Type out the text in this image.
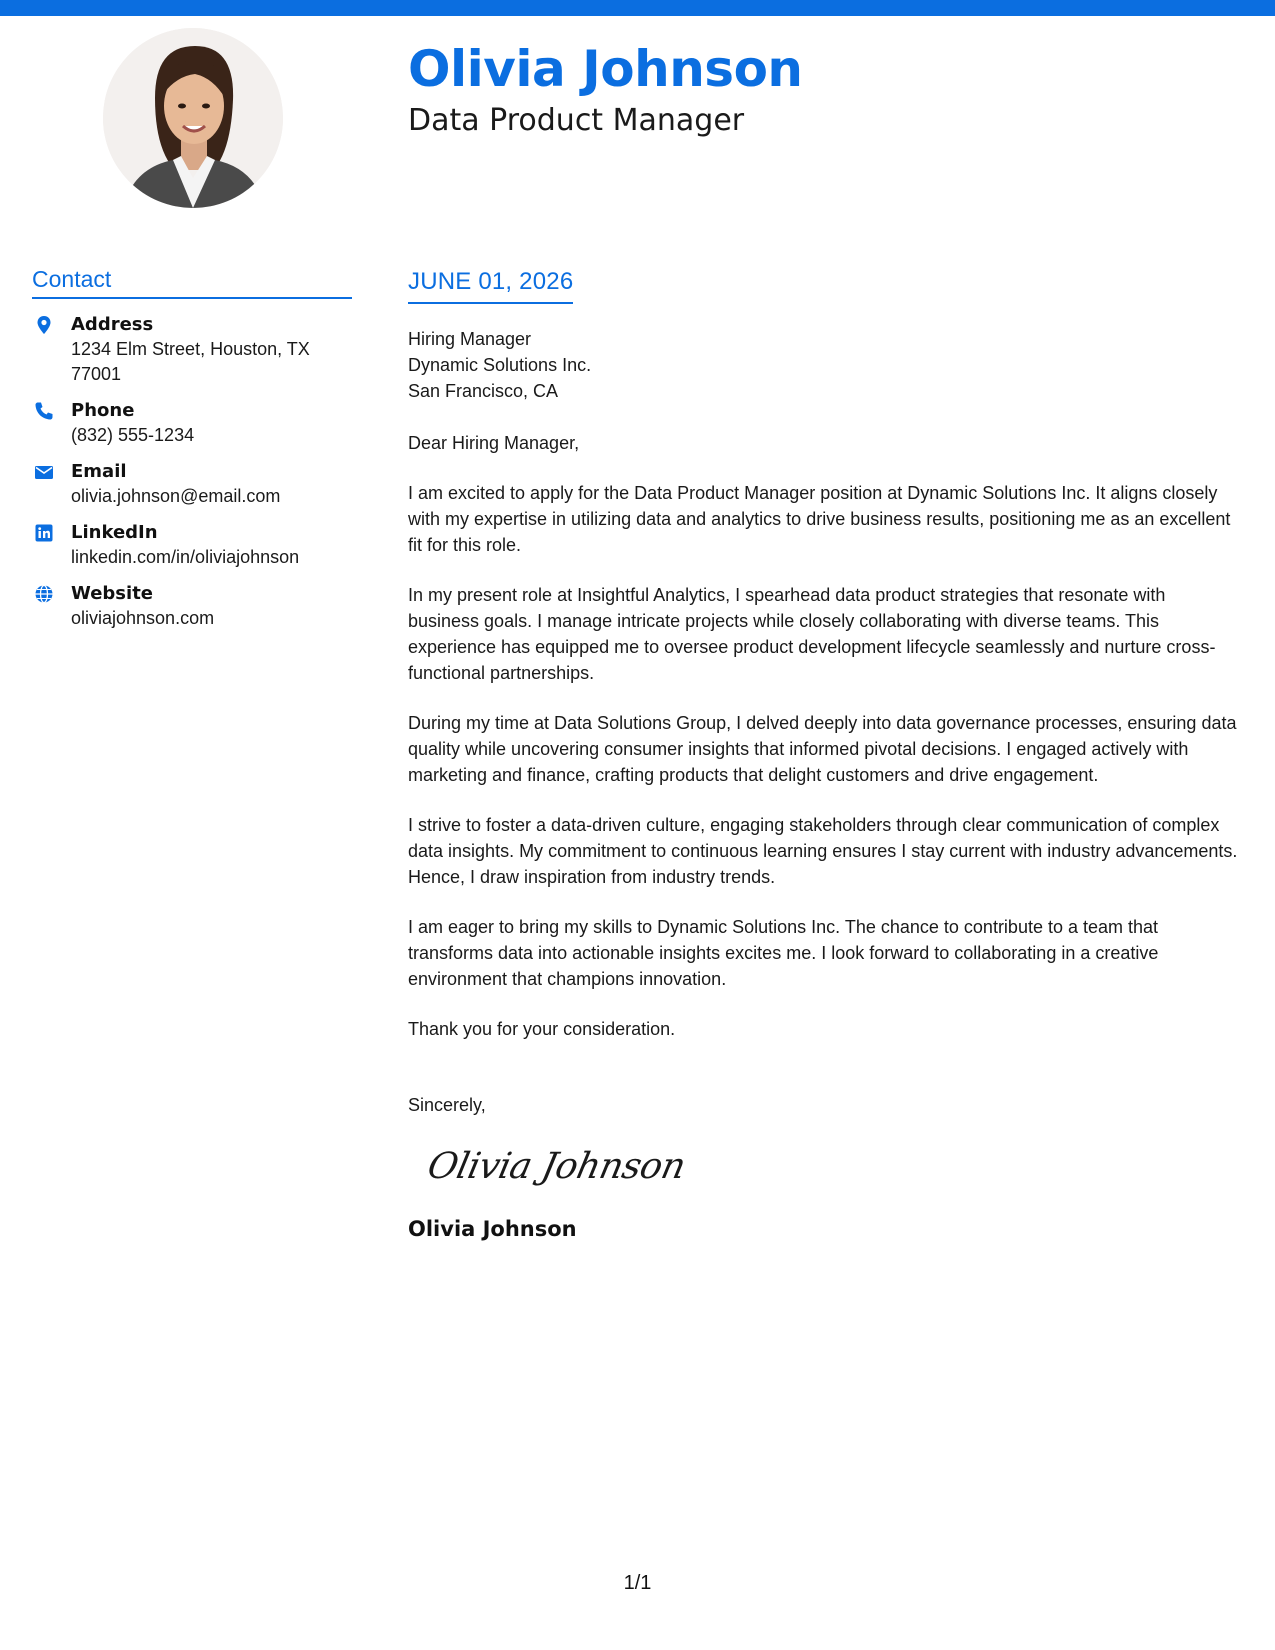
Olivia Johnson
Data Product Manager
Contact
Address
1234 Elm Street, Houston, TX 77001
Phone
(832) 555-1234
Email
olivia.johnson@email.com
LinkedIn
linkedin.com/in/oliviajohnson
Website
oliviajohnson.com
JUNE 01, 2026
Hiring Manager
Dynamic Solutions Inc.
San Francisco, CA
Dear Hiring Manager,

I am excited to apply for the Data Product Manager position at Dynamic Solutions Inc. It aligns closely with my expertise in utilizing data and analytics to drive business results, positioning me as an excellent fit for this role.

In my present role at Insightful Analytics, I spearhead data product strategies that resonate with business goals. I manage intricate projects while closely collaborating with diverse teams. This experience has equipped me to oversee product development lifecycle seamlessly and nurture cross-functional partnerships.

During my time at Data Solutions Group, I delved deeply into data governance processes, ensuring data quality while uncovering consumer insights that informed pivotal decisions. I engaged actively with marketing and finance, crafting products that delight customers and drive engagement.

I strive to foster a data-driven culture, engaging stakeholders through clear communication of complex data insights. My commitment to continuous learning ensures I stay current with industry advancements. Hence, I draw inspiration from industry trends.

I am eager to bring my skills to Dynamic Solutions Inc. The chance to contribute to a team that transforms data into actionable insights excites me. I look forward to collaborating in a creative environment that champions innovation.

Thank you for your consideration.

Sincerely,
Olivia Johnson
Olivia Johnson
1/1
